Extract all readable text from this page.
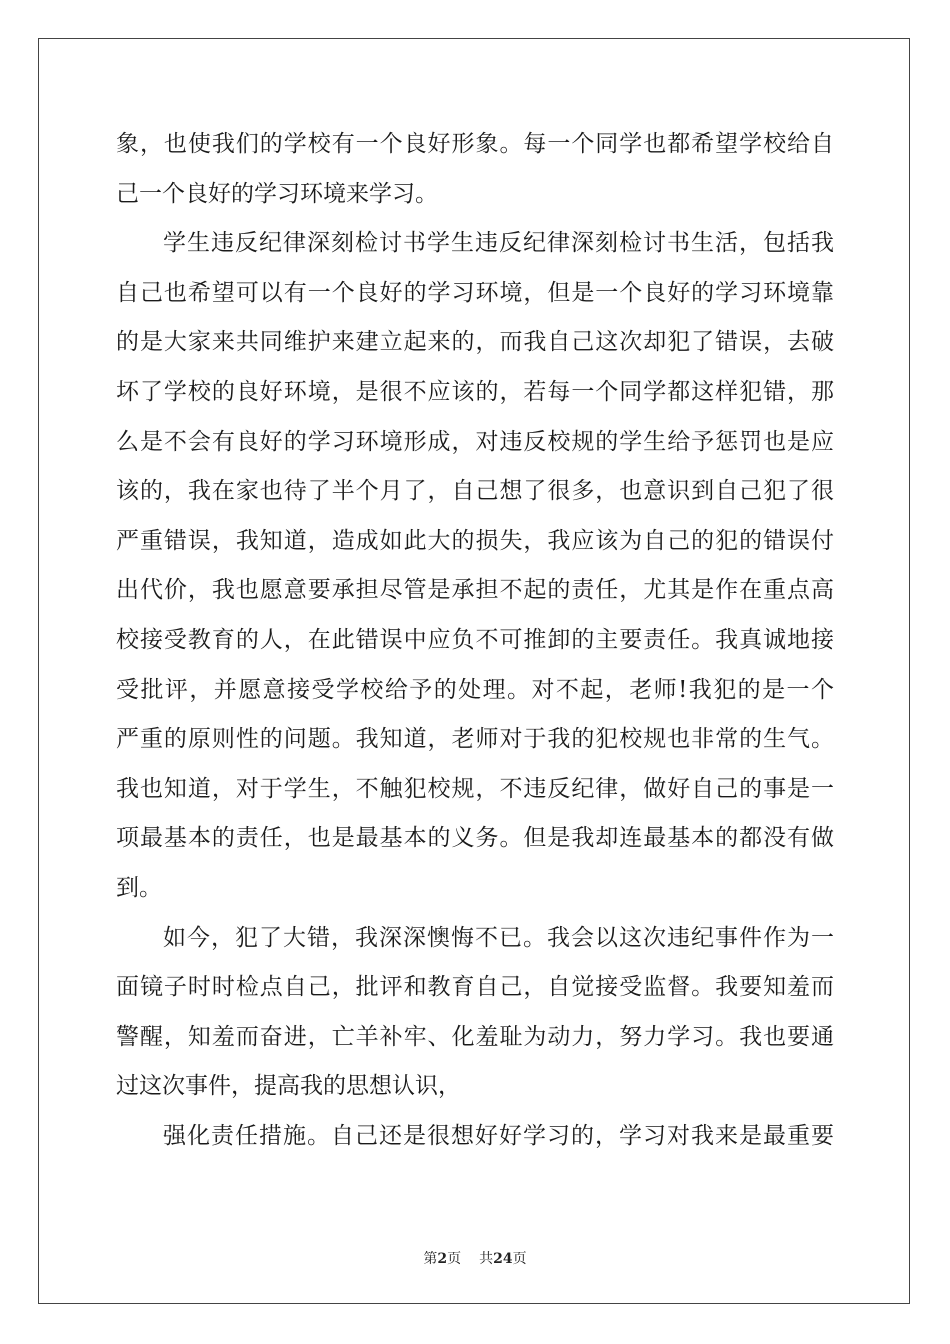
象，也使我们的学校有一个良好形象。每一个同学也都希望学校给自
己一个良好的学习环境来学习。
学生违反纪律深刻检讨书学生违反纪律深刻检讨书生活，包括我
自己也希望可以有一个良好的学习环境，但是一个良好的学习环境靠
的是大家来共同维护来建立起来的，而我自己这次却犯了错误，去破
坏了学校的良好环境，是很不应该的，若每一个同学都这样犯错，那
么是不会有良好的学习环境形成，对违反校规的学生给予惩罚也是应
该的，我在家也待了半个月了，自己想了很多，也意识到自己犯了很
严重错误，我知道，造成如此大的损失，我应该为自己的犯的错误付
出代价，我也愿意要承担尽管是承担不起的责任，尤其是作在重点高
校接受教育的人，在此错误中应负不可推卸的主要责任。我真诚地接
受批评，并愿意接受学校给予的处理。对不起，老师!我犯的是一个
严重的原则性的问题。我知道，老师对于我的犯校规也非常的生气。
我也知道，对于学生，不触犯校规，不违反纪律，做好自己的事是一
项最基本的责任，也是最基本的义务。但是我却连最基本的都没有做
到。
如今，犯了大错，我深深懊悔不已。我会以这次违纪事件作为一
面镜子时时检点自己，批评和教育自己，自觉接受监督。我要知羞而
警醒，知羞而奋进，亡羊补牢、化羞耻为动力，努力学习。我也要通
过这次事件，提高我的思想认识，
强化责任措施。自己还是很想好好学习的，学习对我来是最重要
第2页 共24页
